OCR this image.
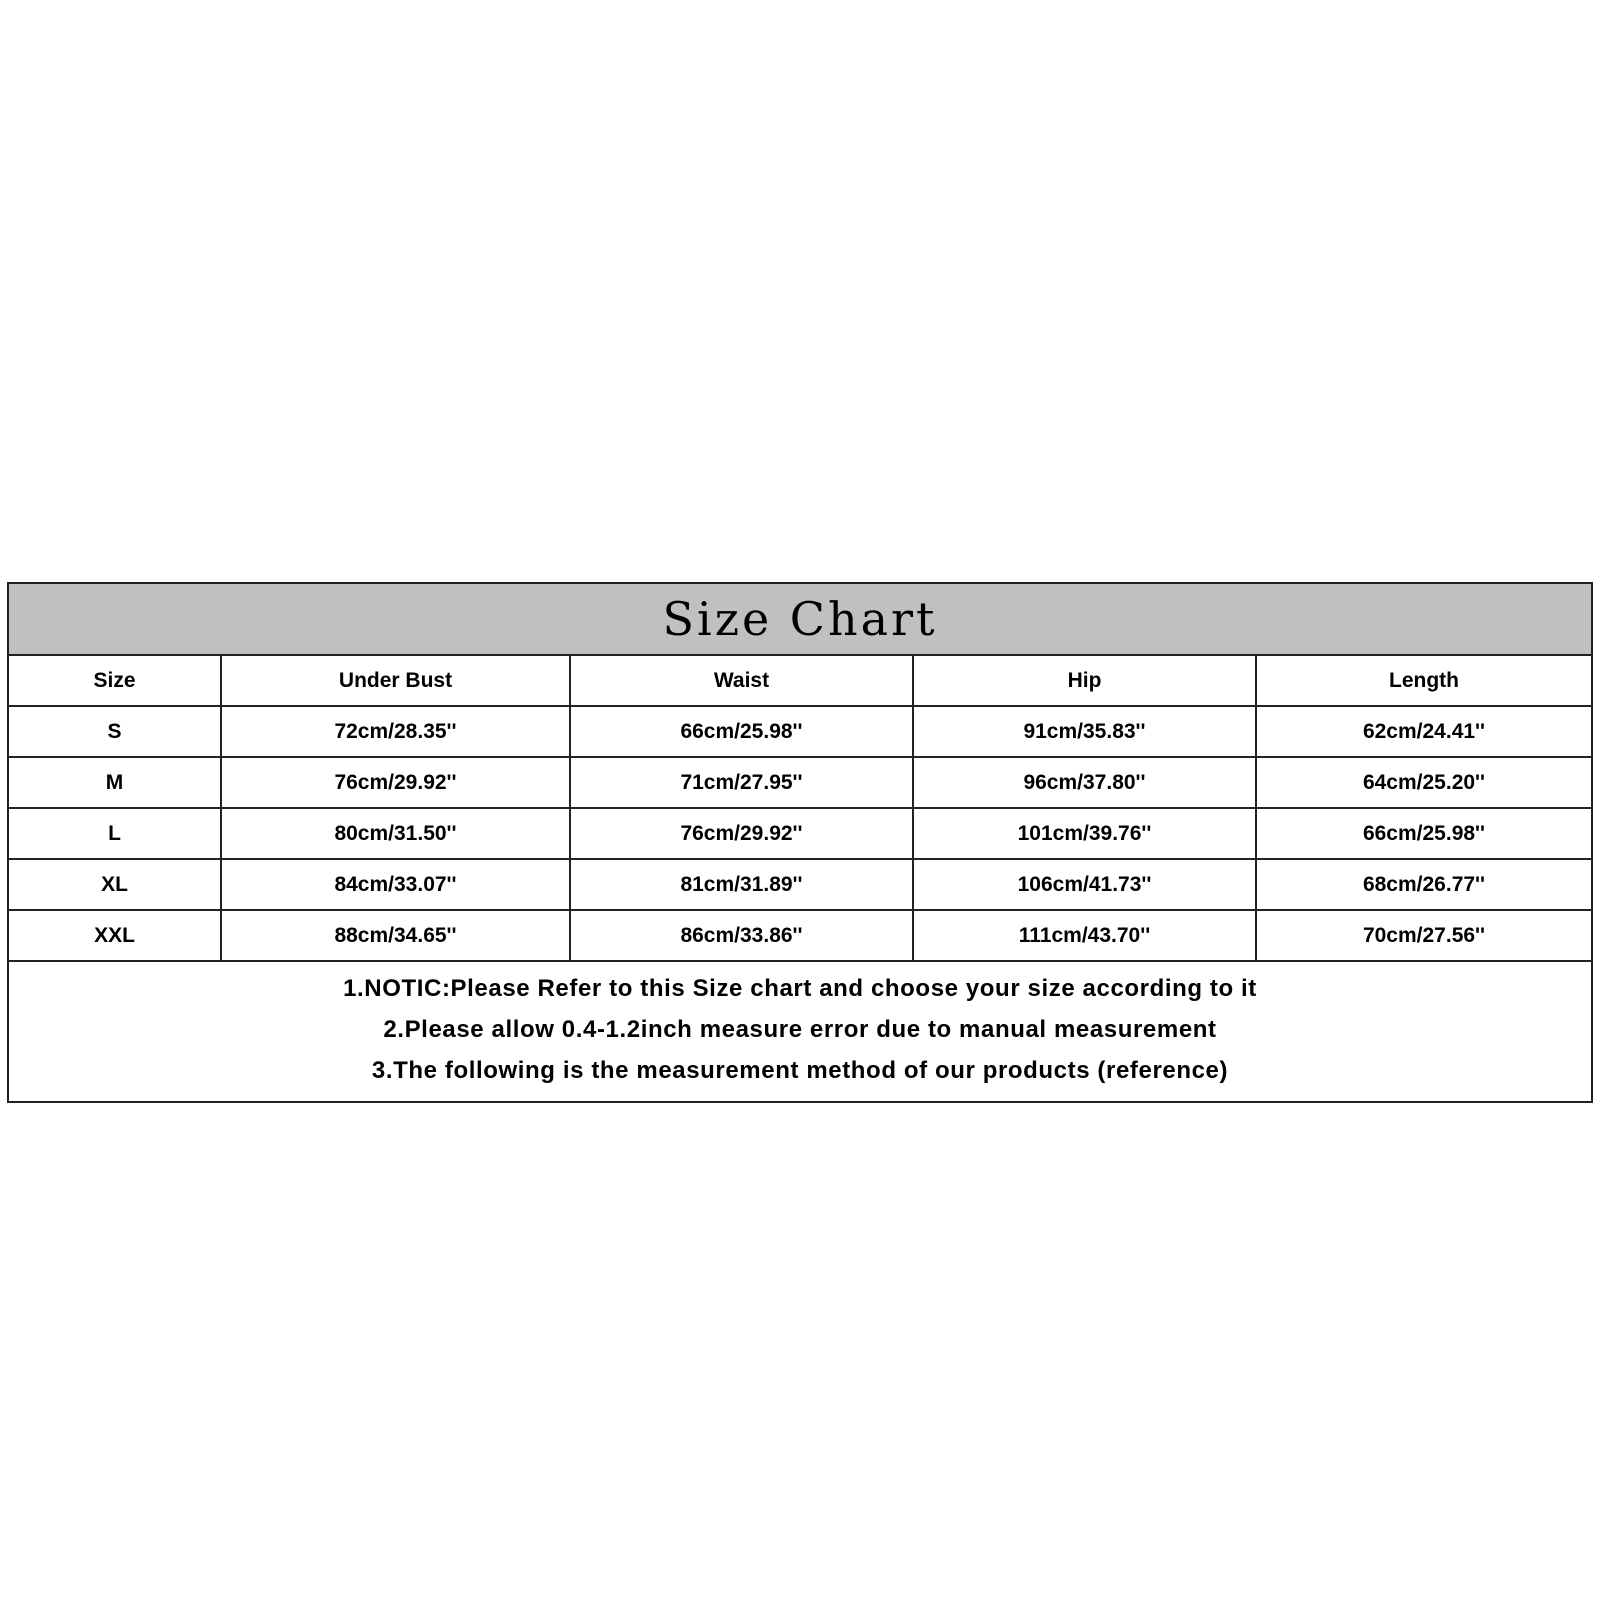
Size Chart
Size	Under Bust	Waist	Hip	Length
S	72cm/28.35''	66cm/25.98''	91cm/35.83''	62cm/24.41''
M	76cm/29.92''	71cm/27.95''	96cm/37.80''	64cm/25.20''
L	80cm/31.50''	76cm/29.92''	101cm/39.76''	66cm/25.98''
XL	84cm/33.07''	81cm/31.89''	106cm/41.73''	68cm/26.77''
XXL	88cm/34.65''	86cm/33.86''	111cm/43.70''	70cm/27.56''
1.NOTIC:Please Refer to this Size chart and choose your size according to it
2.Please allow 0.4-1.2inch measure error due to manual measurement
3.The following is the measurement method of our products (reference)
